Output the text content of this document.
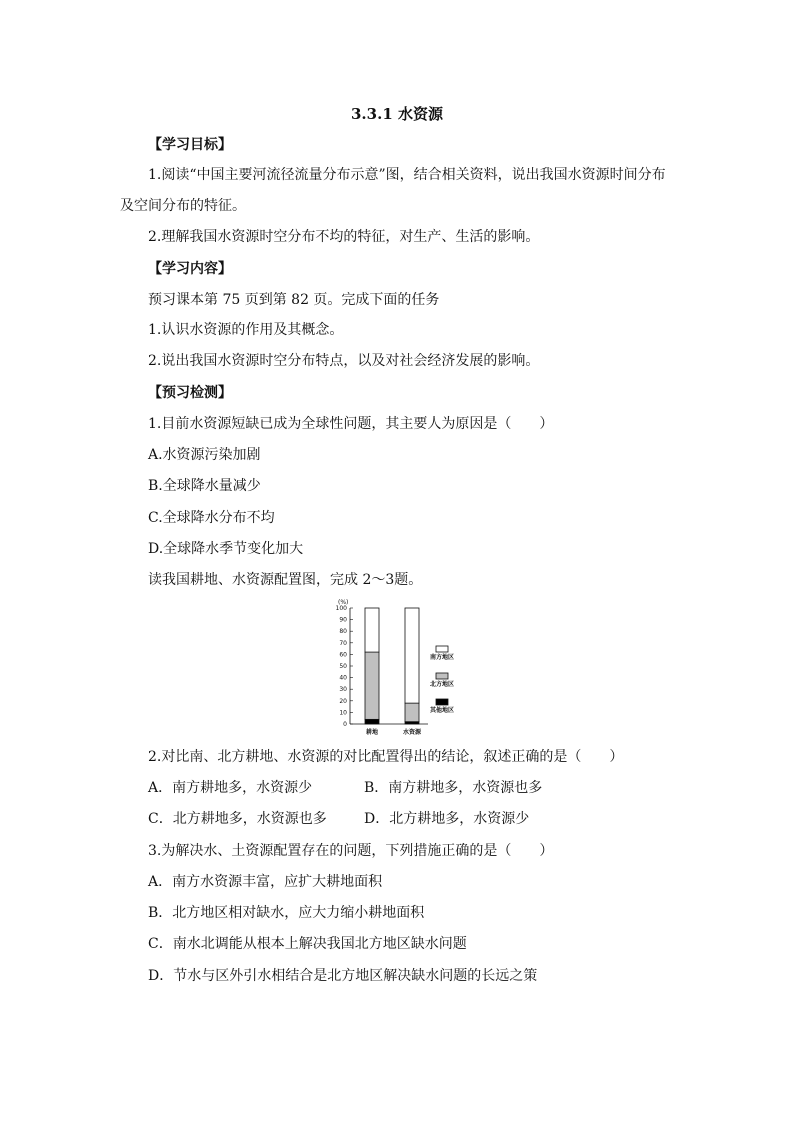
3.3.1 水资源
【学习目标】
1.阅读“中国主要河流径流量分布示意”图，结合相关资料，说出我国水资源时间分布
及空间分布的特征。
2.理解我国水资源时空分布不均的特征，对生产、生活的影响。
【学习内容】
预习课本第 75 页到第 82 页。完成下面的任务
1.认识水资源的作用及其概念。
2.说出我国水资源时空分布特点，以及对社会经济发展的影响。
【预习检测】
1.目前水资源短缺已成为全球性问题，其主要人为原因是（　　）
A.水资源污染加剧
B.全球降水量减少
C.全球降水分布不均
D.全球降水季节变化加大
读我国耕地、水资源配置图，完成 2～3题。
(%)
0
10
20
30
40
50
60
70
80
90
100
耕地	水资源
南方地区
北方地区
其他地区
2.对比南、北方耕地、水资源的对比配置得出的结论，叙述正确的是（　　）
A．南方耕地多，水资源少	B．南方耕地多，水资源也多
C．北方耕地多，水资源也多	D．北方耕地多，水资源少
3.为解决水、土资源配置存在的问题，下列措施正确的是（　　）
A．南方水资源丰富，应扩大耕地面积
B．北方地区相对缺水，应大力缩小耕地面积
C．南水北调能从根本上解决我国北方地区缺水问题
D．节水与区外引水相结合是北方地区解决缺水问题的长远之策
